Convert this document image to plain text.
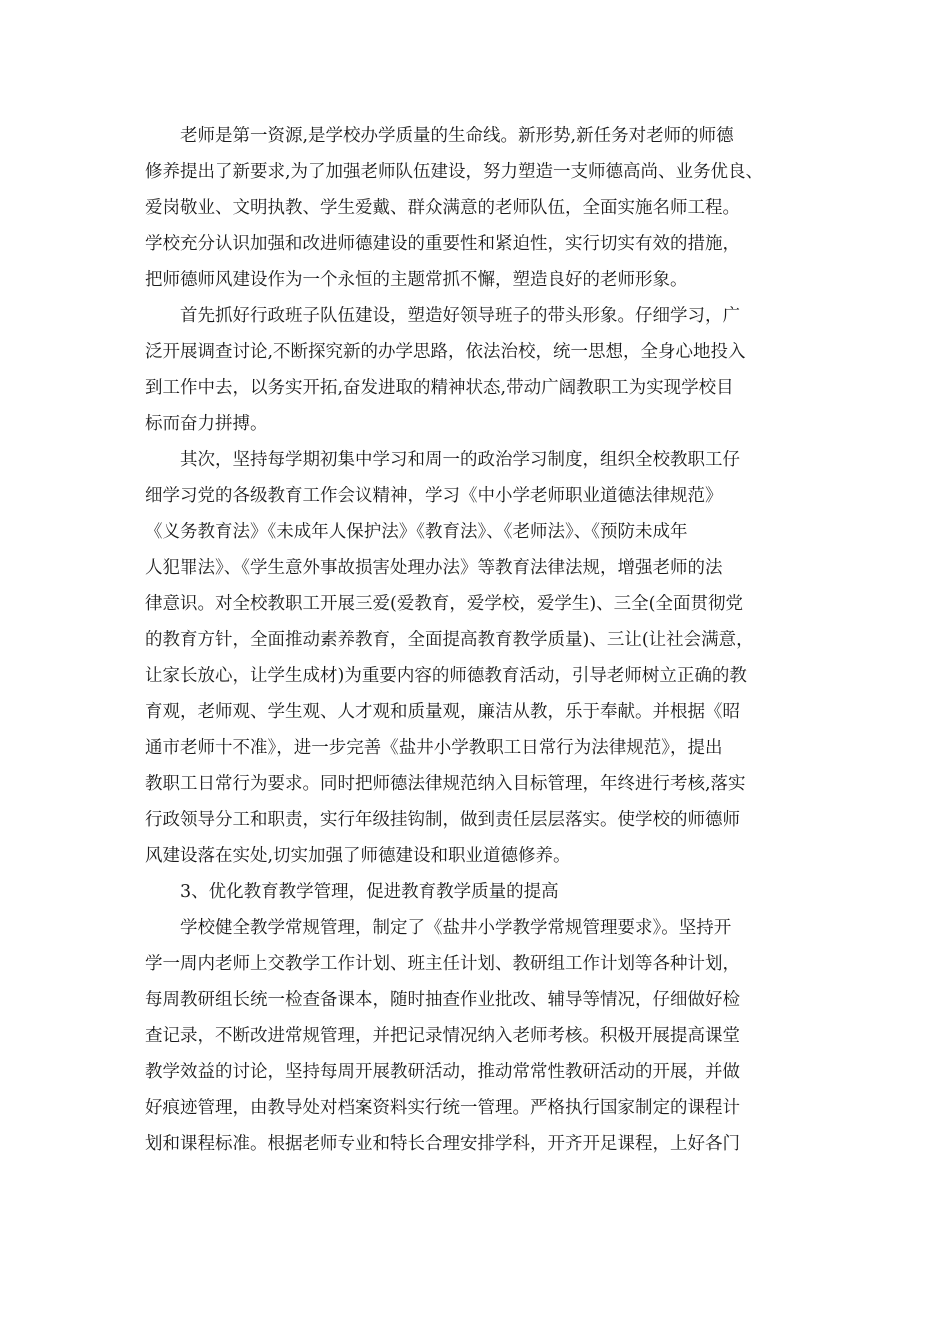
老师是第一资源,是学校办学质量的生命线。新形势,新任务对老师的师德
修养提出了新要求,为了加强老师队伍建设，努力塑造一支师德高尚、业务优良、
爱岗敬业、文明执教、学生爱戴、群众满意的老师队伍，全面实施名师工程。
学校充分认识加强和改进师德建设的重要性和紧迫性，实行切实有效的措施，
把师德师风建设作为一个永恒的主题常抓不懈，塑造良好的老师形象。
首先抓好行政班子队伍建设，塑造好领导班子的带头形象。仔细学习，广
泛开展调查讨论,不断探究新的办学思路，依法治校，统一思想，全身心地投入
到工作中去，以务实开拓,奋发进取的精神状态,带动广阔教职工为实现学校目
标而奋力拼搏。
其次，坚持每学期初集中学习和周一的政治学习制度，组织全校教职工仔
细学习党的各级教育工作会议精神，学习《中小学老师职业道德法律规范》
《义务教育法》《未成年人保护法》《教育法》、《老师法》、《预防未成年
人犯罪法》、《学生意外事故损害处理办法》等教育法律法规，增强老师的法
律意识。对全校教职工开展三爱(爱教育，爱学校，爱学生)、三全(全面贯彻党
的教育方针，全面推动素养教育，全面提高教育教学质量)、三让(让社会满意，
让家长放心，让学生成材)为重要内容的师德教育活动，引导老师树立正确的教
育观，老师观、学生观、人才观和质量观，廉洁从教，乐于奉献。并根据《昭
通市老师十不准》，进一步完善《盐井小学教职工日常行为法律规范》，提出
教职工日常行为要求。同时把师德法律规范纳入目标管理，年终进行考核,落实
行政领导分工和职责，实行年级挂钩制，做到责任层层落实。使学校的师德师
风建设落在实处,切实加强了师德建设和职业道德修养。
3、优化教育教学管理，促进教育教学质量的提高
学校健全教学常规管理，制定了《盐井小学教学常规管理要求》。坚持开
学一周内老师上交教学工作计划、班主任计划、教研组工作计划等各种计划，
每周教研组长统一检查备课本，随时抽查作业批改、辅导等情况，仔细做好检
查记录，不断改进常规管理，并把记录情况纳入老师考核。积极开展提高课堂
教学效益的讨论，坚持每周开展教研活动，推动常常性教研活动的开展，并做
好痕迹管理，由教导处对档案资料实行统一管理。严格执行国家制定的课程计
划和课程标准。根据老师专业和特长合理安排学科，开齐开足课程，上好各门
